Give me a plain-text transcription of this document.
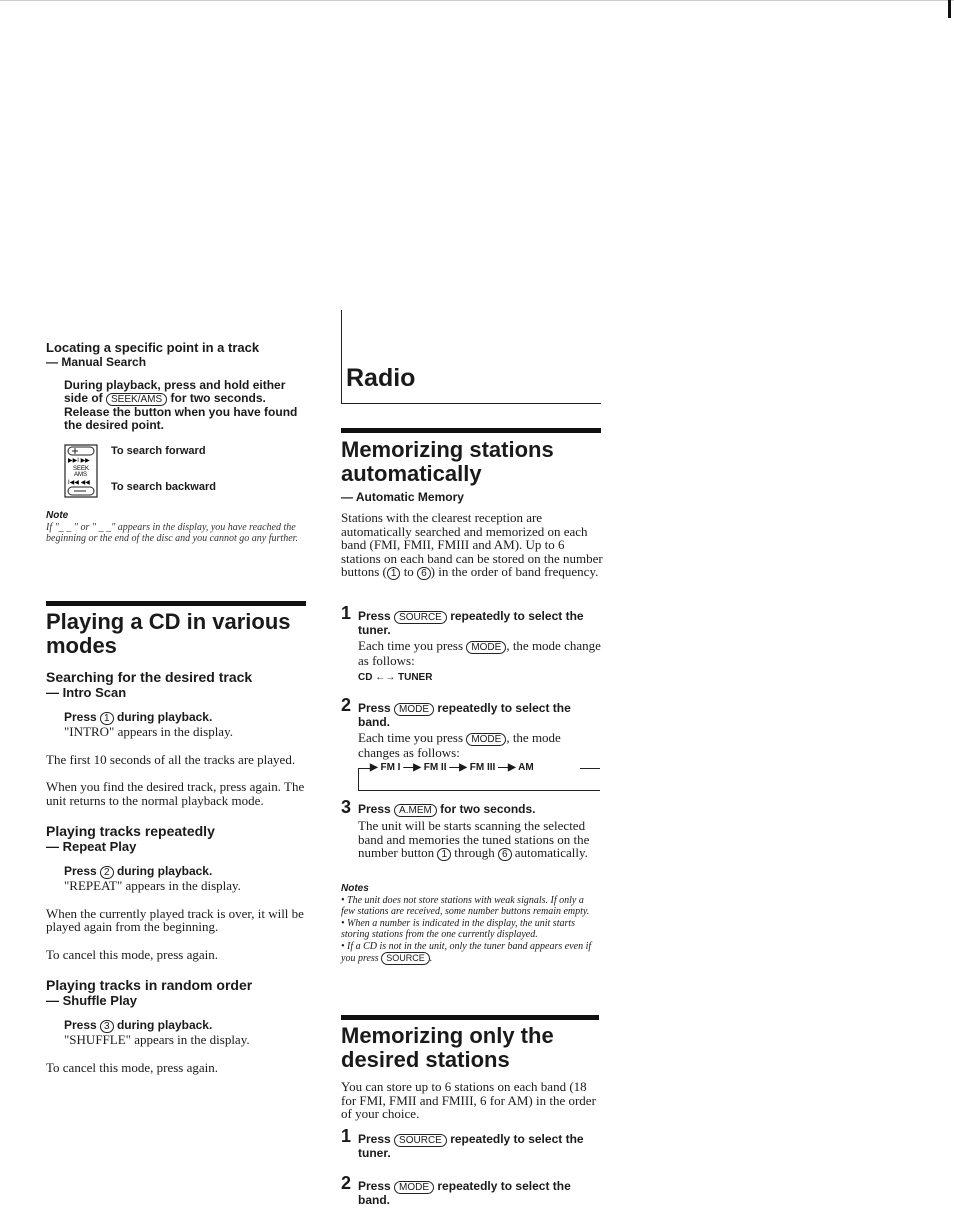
Locating a specific point in a track
— Manual Search
During playback, press and hold either side of SEEK/AMS for two seconds. Release the button when you have found the desired point.
▶▶I ▶▶
SEEK
AMS
I◀◀ ◀◀
To search forward
To search backward
Note
If "_ _ " or " _ _" appears in the display, you have reached the beginning or the end of the disc and you cannot go any further.
Playing a CD in various modes
Searching for the desired track
— Intro Scan
Press 1 during playback.
"INTRO" appears in the display.
The first 10 seconds of all the tracks are played.
When you find the desired track, press again. The unit returns to the normal playback mode.
Playing tracks repeatedly
— Repeat Play
Press 2 during playback.
"REPEAT" appears in the display.
When the currently played track is over, it will be played again from the beginning.
To cancel this mode, press again.
Playing tracks in random order
— Shuffle Play
Press 3 during playback.
"SHUFFLE" appears in the display.
To cancel this mode, press again.
Radio
Memorizing stations automatically
— Automatic Memory
Stations with the clearest reception are automatically searched and memorized on each band (FMI, FMII, FMIII and AM). Up to 6 stations on each band can be stored on the number buttons ( 1 to 6 ) in the order of band frequency.
1 Press SOURCE repeatedly to select the tuner.
Each time you press MODE , the mode change as follows:
CD ←→ TUNER
2 Press MODE repeatedly to select the band.
Each time you press MODE , the mode changes as follows:
▶ FM I —▶ FM II —▶ FM III —▶ AM
3 Press A.MEM for two seconds.
The unit will be starts scanning the selected band and memories the tuned stations on the number button 1 through 6 automatically.
Notes
• The unit does not store stations with weak signals. If only a few stations are received, some number buttons remain empty.
• When a number is indicated in the display, the unit starts storing stations from the one currently displayed.
• If a CD is not in the unit, only the tuner band appears even if you press SOURCE .
Memorizing only the desired stations
You can store up to 6 stations on each band (18 for FMI, FMII and FMIII, 6 for AM) in the order of your choice.
1 Press SOURCE repeatedly to select the tuner.
2 Press MODE repeatedly to select the band.
